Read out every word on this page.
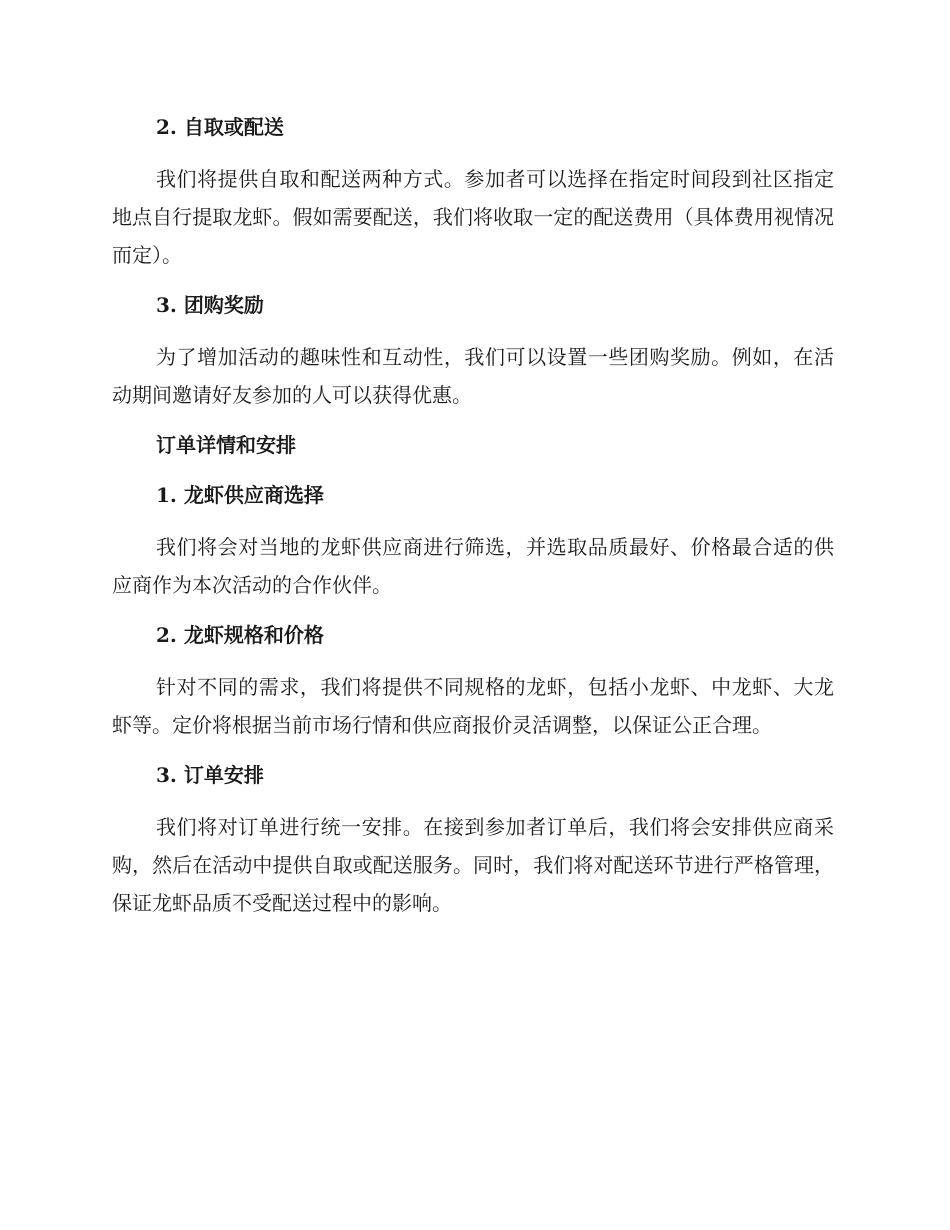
2. 自取或配送

我们将提供自取和配送两种方式。参加者可以选择在指定时间段到社区指定地点自行提取龙虾。假如需要配送，我们将收取一定的配送费用（具体费用视情况而定）。

3. 团购奖励

为了增加活动的趣味性和互动性，我们可以设置一些团购奖励。例如，在活动期间邀请好友参加的人可以获得优惠。

订单详情和安排
1. 龙虾供应商选择

我们将会对当地的龙虾供应商进行筛选，并选取品质最好、价格最合适的供应商作为本次活动的合作伙伴。

2. 龙虾规格和价格

针对不同的需求，我们将提供不同规格的龙虾，包括小龙虾、中龙虾、大龙虾等。定价将根据当前市场行情和供应商报价灵活调整，以保证公正合理。

3. 订单安排

我们将对订单进行统一安排。在接到参加者订单后，我们将会安排供应商采购，然后在活动中提供自取或配送服务。同时，我们将对配送环节进行严格管理，保证龙虾品质不受配送过程中的影响。
